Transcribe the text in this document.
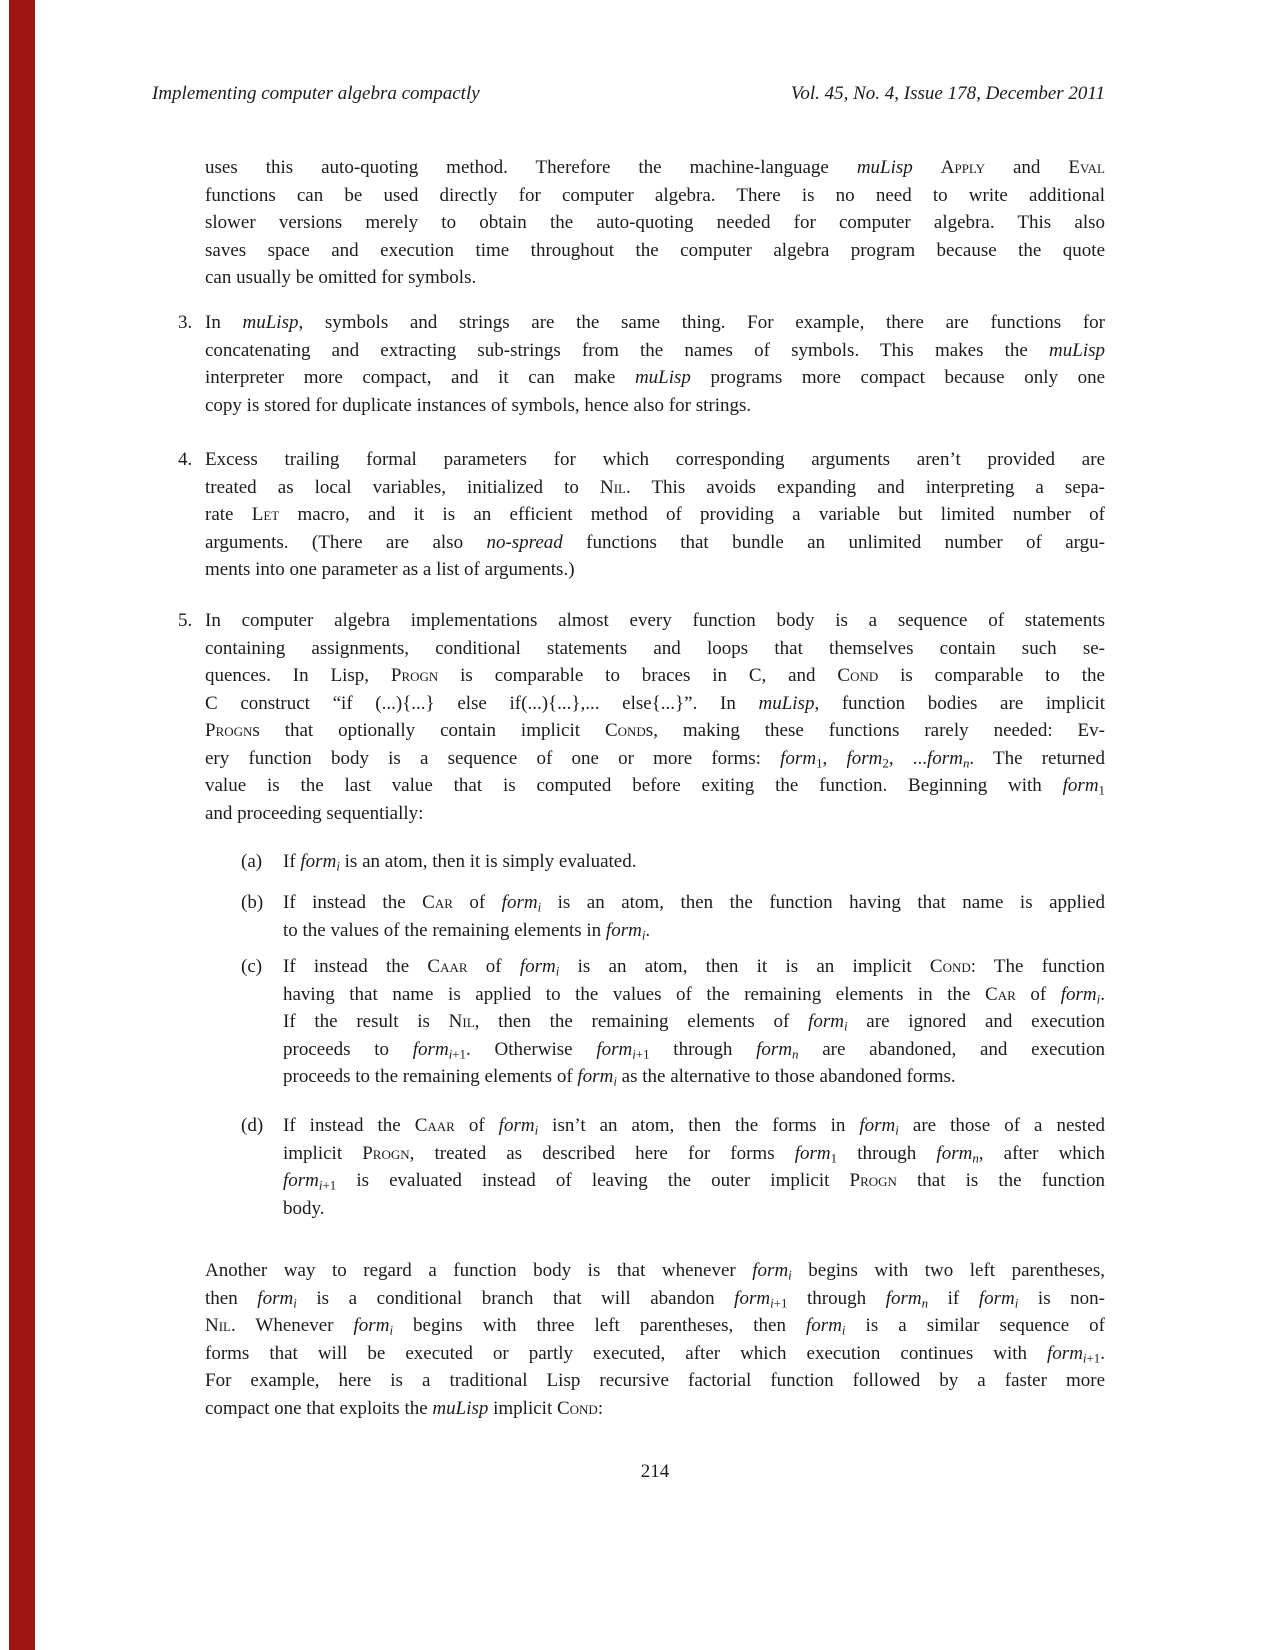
Implementing computer algebra compactly	Vol. 45, No. 4, Issue 178, December 2011
uses this auto-quoting method. Therefore the machine-language muLisp Apply and Eval
functions can be used directly for computer algebra. There is no need to write additional
slower versions merely to obtain the auto-quoting needed for computer algebra. This also
saves space and execution time throughout the computer algebra program because the quote
can usually be omitted for symbols.
3. In muLisp, symbols and strings are the same thing. For example, there are functions for
concatenating and extracting sub-strings from the names of symbols. This makes the muLisp
interpreter more compact, and it can make muLisp programs more compact because only one
copy is stored for duplicate instances of symbols, hence also for strings.
4. Excess trailing formal parameters for which corresponding arguments aren’t provided are
treated as local variables, initialized to Nil. This avoids expanding and interpreting a sepa-
rate Let macro, and it is an efficient method of providing a variable but limited number of
arguments. (There are also no-spread functions that bundle an unlimited number of argu-
ments into one parameter as a list of arguments.)
5. In computer algebra implementations almost every function body is a sequence of statements
containing assignments, conditional statements and loops that themselves contain such se-
quences. In Lisp, Progn is comparable to braces in C, and Cond is comparable to the
C construct “if (...){...} else if(...){...},... else{...}”. In muLisp, function bodies are implicit
Progns that optionally contain implicit Conds, making these functions rarely needed: Ev-
ery function body is a sequence of one or more forms: form$_1$, form$_2$, ...form$_n$. The returned
value is the last value that is computed before exiting the function. Beginning with form$_1$
and proceeding sequentially:
(a) If form$_i$ is an atom, then it is simply evaluated.
(b) If instead the Car of form$_i$ is an atom, then the function having that name is applied
to the values of the remaining elements in form$_i$.
(c) If instead the Caar of form$_i$ is an atom, then it is an implicit Cond: The function
having that name is applied to the values of the remaining elements in the Car of form$_i$.
If the result is Nil, then the remaining elements of form$_i$ are ignored and execution
proceeds to form$_{i+1}$. Otherwise form$_{i+1}$ through form$_n$ are abandoned, and execution
proceeds to the remaining elements of form$_i$ as the alternative to those abandoned forms.
(d) If instead the Caar of form$_i$ isn’t an atom, then the forms in form$_i$ are those of a nested
implicit Progn, treated as described here for forms form$_1$ through form$_n$, after which
form$_{i+1}$ is evaluated instead of leaving the outer implicit Progn that is the function
body.
Another way to regard a function body is that whenever form$_i$ begins with two left parentheses,
then form$_i$ is a conditional branch that will abandon form$_{i+1}$ through form$_n$ if form$_i$ is non-
Nil. Whenever form$_i$ begins with three left parentheses, then form$_i$ is a similar sequence of
forms that will be executed or partly executed, after which execution continues with form$_{i+1}$.
For example, here is a traditional Lisp recursive factorial function followed by a faster more
compact one that exploits the muLisp implicit Cond:
214
